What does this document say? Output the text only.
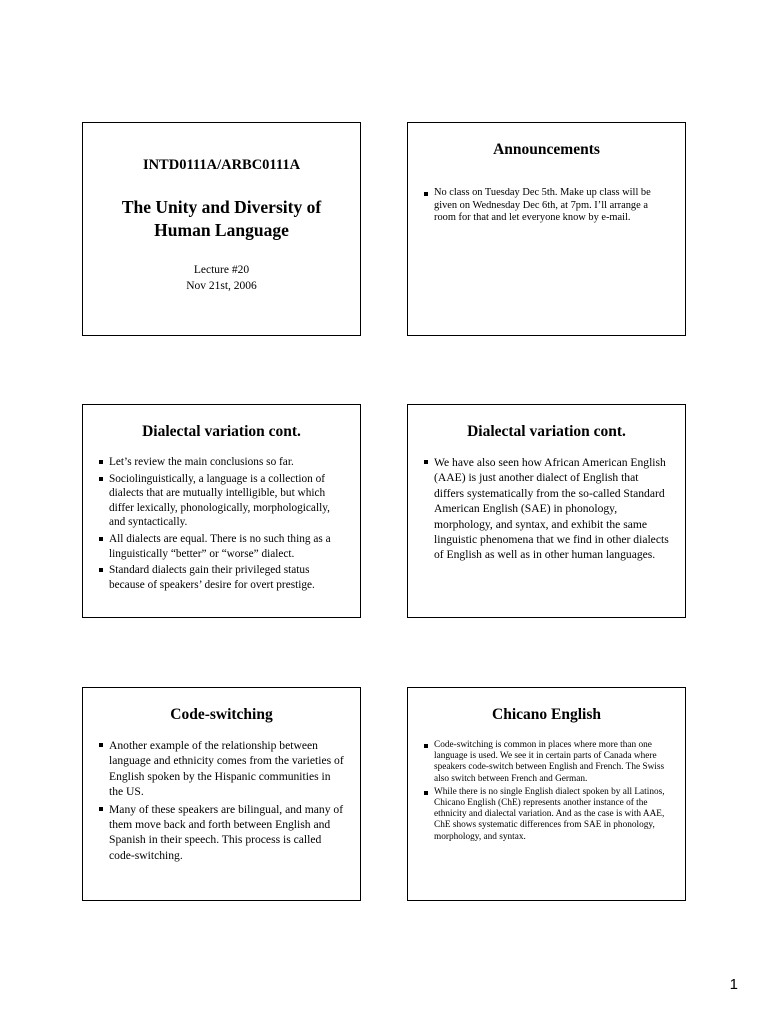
INTD0111A/ARBC0111A
The Unity and Diversity of
Human Language
Lecture #20
Nov 21st, 2006
Announcements

No class on Tuesday Dec 5th. Make up class will be given on Wednesday Dec 6th, at 7pm. I’ll arrange a room for that and let everyone know by e-mail.

Dialectal variation cont.

Let’s review the main conclusions so far.

Sociolinguistically, a language is a collection of dialects that are mutually intelligible, but which differ lexically, phonologically, morphologically, and syntactically.

All dialects are equal. There is no such thing as a linguistically “better” or “worse” dialect.

Standard dialects gain their privileged status because of speakers’ desire for overt prestige.

Dialectal variation cont.

We have also seen how African American English (AAE) is just another dialect of English that differs systematically from the so-called Standard American English (SAE) in phonology, morphology, and syntax, and exhibit the same linguistic phenomena that we find in other dialects of English as well as in other human languages.

Code-switching

Another example of the relationship between language and ethnicity comes from the varieties of English spoken by the Hispanic communities in the US.

Many of these speakers are bilingual, and many of them move back and forth between English and Spanish in their speech. This process is called code-switching.

Chicano English

Code-switching is common in places where more than one language is used. We see it in certain parts of Canada where speakers code-switch between English and French. The Swiss also switch between French and German.

While there is no single English dialect spoken by all Latinos, Chicano English (ChE) represents another instance of the ethnicity and dialectal variation. And as the case is with AAE, ChE shows systematic differences from SAE in phonology, morphology, and syntax.

1
